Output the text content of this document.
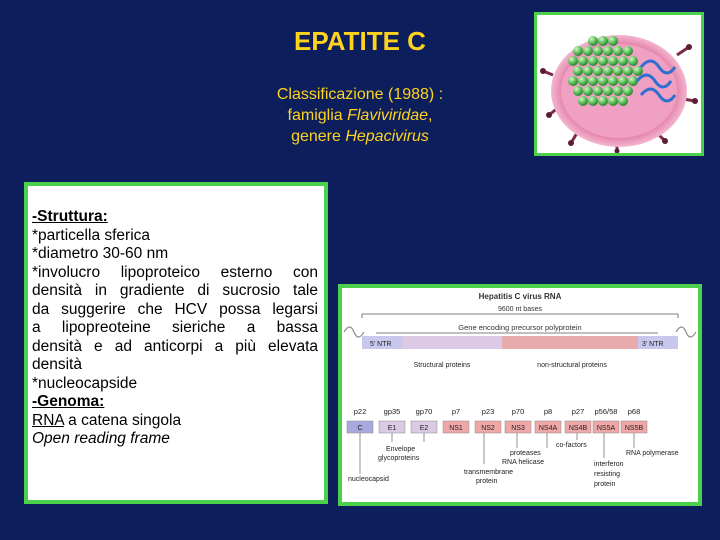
EPATITE C
Classificazione (1988) :
famiglia Flaviviridae,
genere Hepacivirus
-Struttura:
*particella sferica
*diametro 30-60 nm
*involucro lipoproteico esterno con
densità in gradiente di sucrosio tale
da suggerire che HCV possa legarsi
a lipopreoteine sieriche a bassa
densità e ad anticorpi a più elevata
densità
*nucleocapside
-Genoma:
RNA a catena singola
Open reading frame
Hepatitis C virus RNA
9600 nt bases
Gene encoding precursor polyprotein
5' NTR	3' NTR
Structural proteins	non-structural proteins
p22 gp35 gp70	p7	p23 p70	p8	p27 p56/58 p68
C	E1	E2	NS1	NS2 NS3 NS4A NS4B NS5A NS5B
Envelope
glycoproteins
nucleocapsid
proteases
co-factors
RNA helicase
RNA polymerase
transmembrane
protein
interferon
resisting
protein
